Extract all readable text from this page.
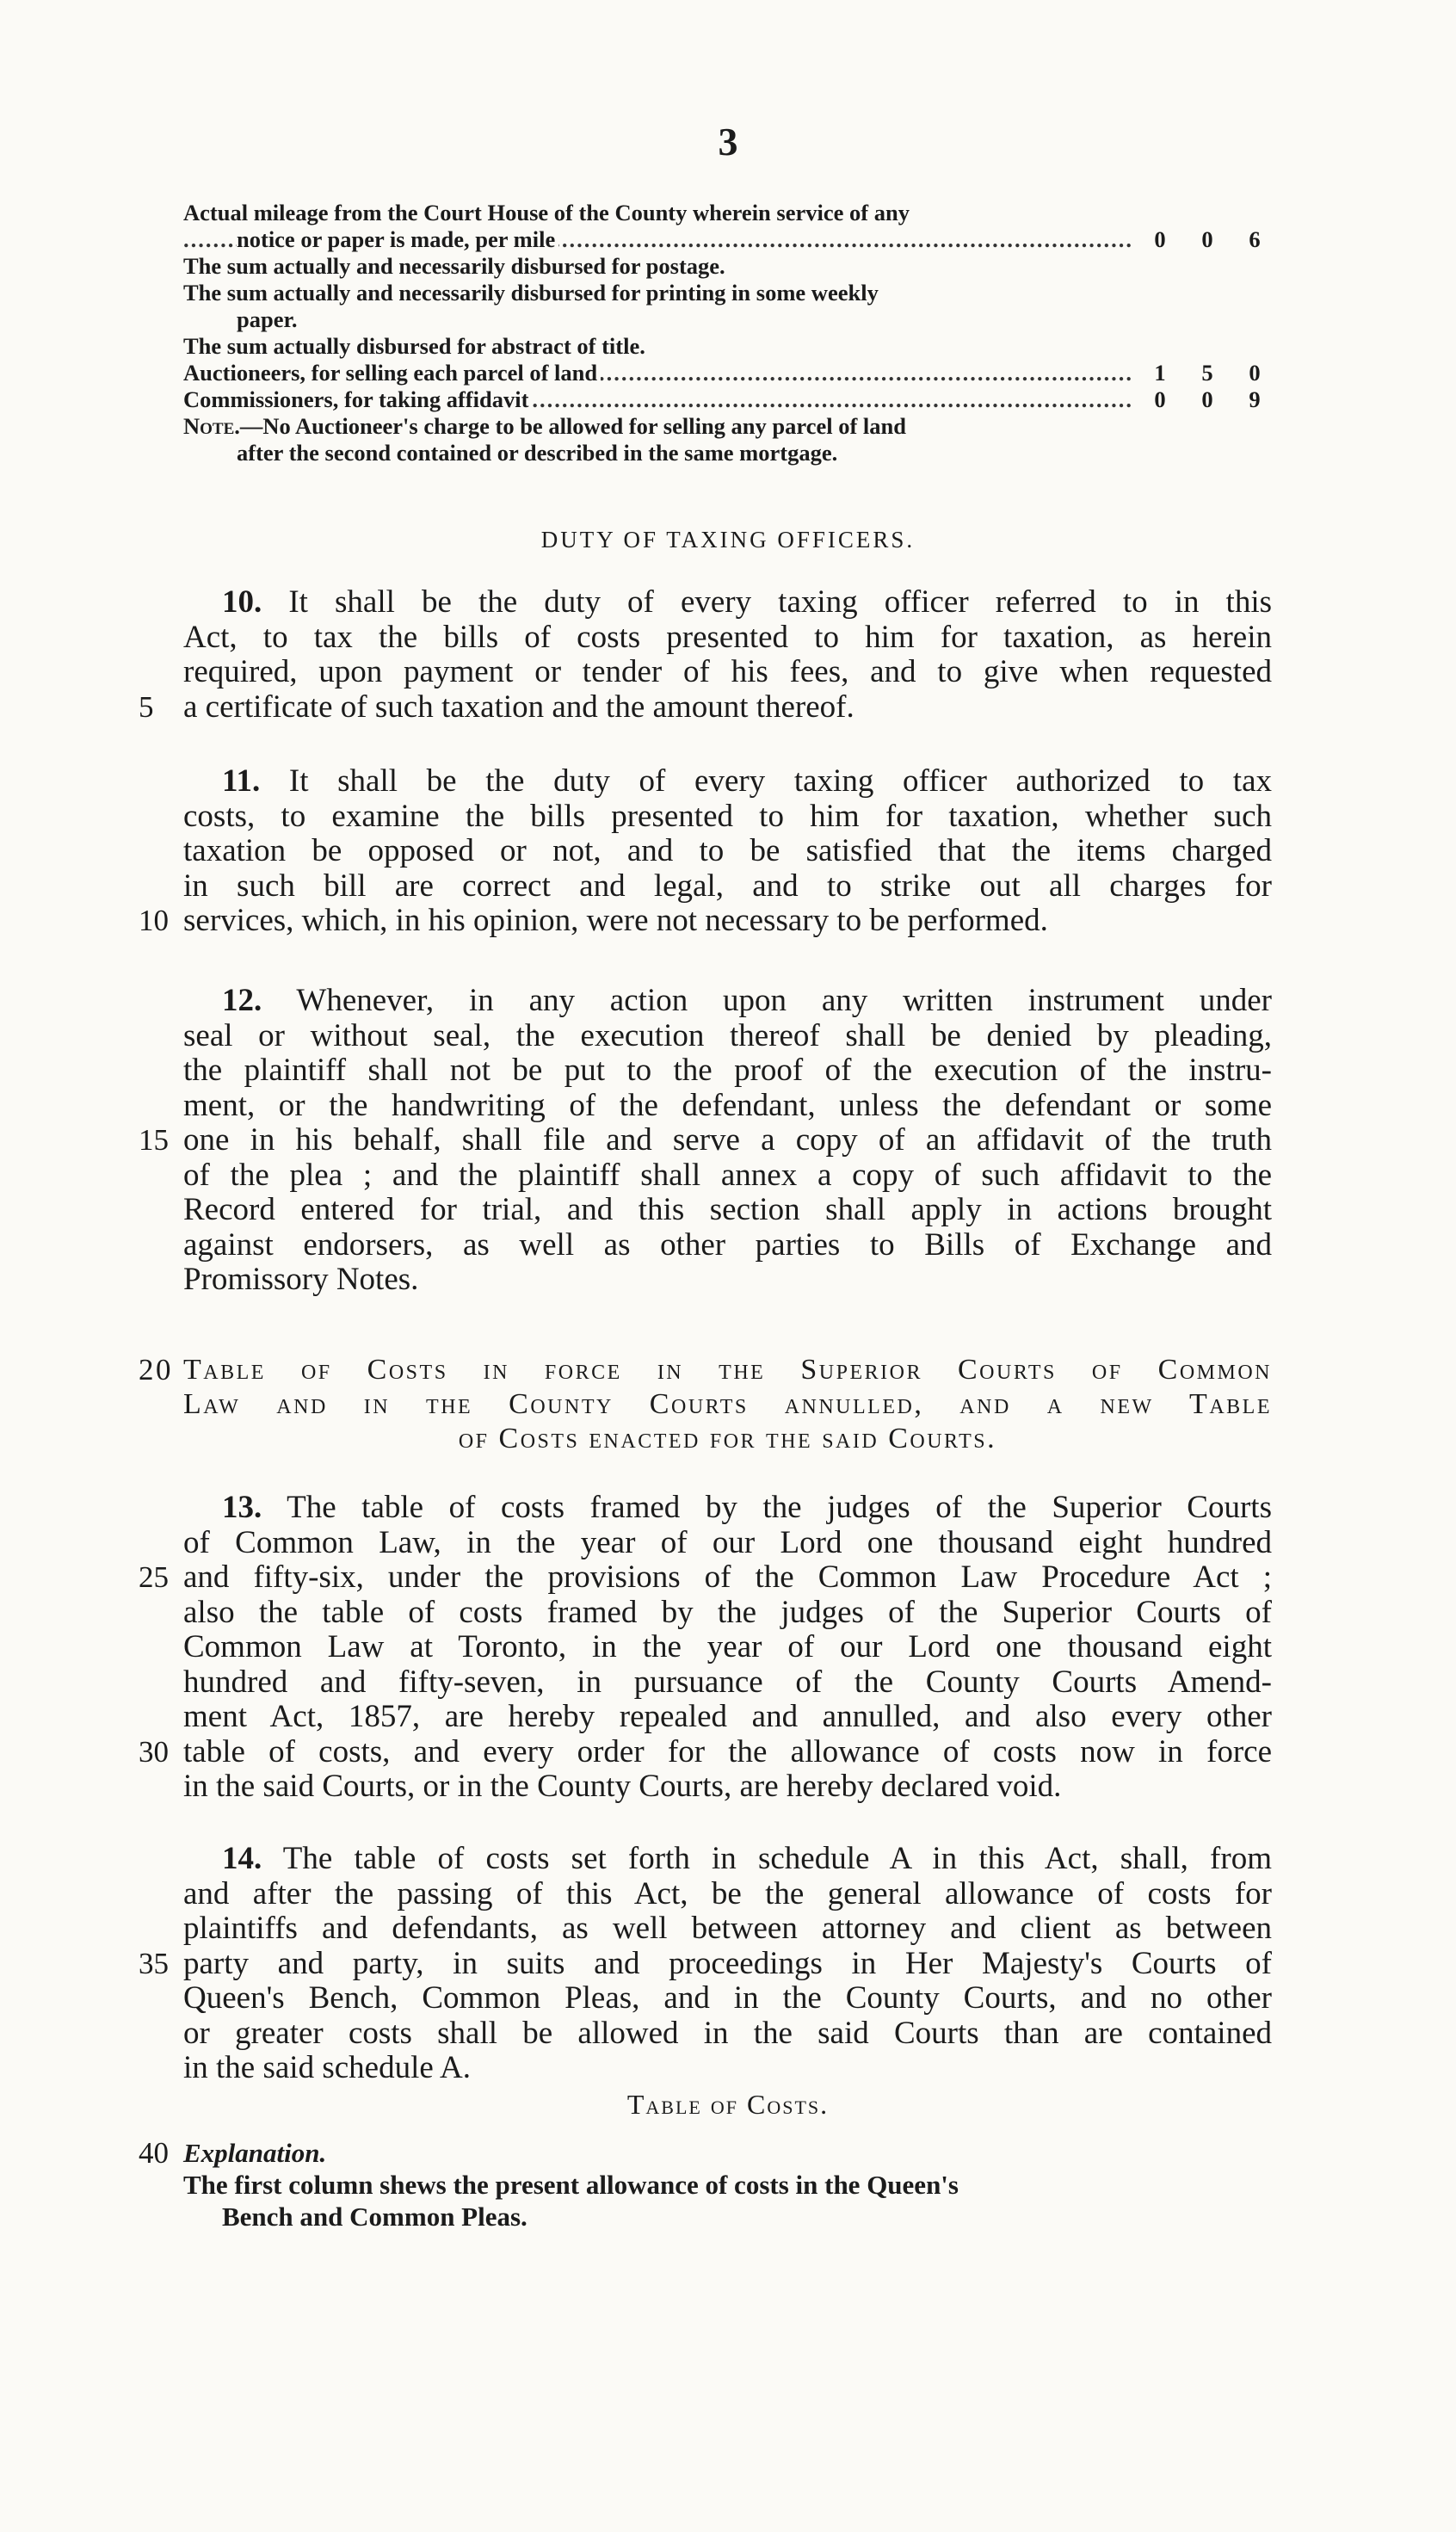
3
Actual mileage from the Court House of the County wherein service of any
notice or paper is made, per mile	0	0	6
.....
The sum actually and necessarily disbursed for postage.
The sum actually and necessarily disbursed for printing in some weekly
paper.
The sum actually disbursed for abstract of title.
Auctioneers, for selling each parcel of land	1	5	0
.....
Commissioners, for taking affidavit	0	0	9
.....
Note.—No Auctioneer's charge to be allowed for selling any parcel of land
after the second contained or described in the same mortgage.
DUTY OF TAXING OFFICERS.
10. It shall be the duty of every taxing officer referred to in this
Act, to tax the bills of costs presented to him for taxation, as herein
required, upon payment or tender of his fees, and to give when requested
5 a certificate of such taxation and the amount thereof.
11. It shall be the duty of every taxing officer authorized to tax
costs, to examine the bills presented to him for taxation, whether such
taxation be opposed or not, and to be satisfied that the items charged
in such bill are correct and legal, and to strike out all charges for
10 services, which, in his opinion, were not necessary to be performed.
12. Whenever, in any action upon any written instrument under
seal or without seal, the execution thereof shall be denied by pleading,
the plaintiff shall not be put to the proof of the execution of the instru-
ment, or the handwriting of the defendant, unless the defendant or some
15 one in his behalf, shall file and serve a copy of an affidavit of the truth
of the plea ; and the plaintiff shall annex a copy of such affidavit to the
Record entered for trial, and this section shall apply in actions brought
against endorsers, as well as other parties to Bills of Exchange and
Promissory Notes.
20 Table of Costs in force in the Superior Courts of Common
Law and in the County Courts annulled, and a new Table
of Costs enacted for the said Courts.
13. The table of costs framed by the judges of the Superior Courts
of Common Law, in the year of our Lord one thousand eight hundred
25 and fifty-six, under the provisions of the Common Law Procedure Act ;
also the table of costs framed by the judges of the Superior Courts of
Common Law at Toronto, in the year of our Lord one thousand eight
hundred and fifty-seven, in pursuance of the County Courts Amend-
ment Act, 1857, are hereby repealed and annulled, and also every other
30 table of costs, and every order for the allowance of costs now in force
in the said Courts, or in the County Courts, are hereby declared void.
14. The table of costs set forth in schedule A in this Act, shall, from
and after the passing of this Act, be the general allowance of costs for
plaintiffs and defendants, as well between attorney and client as between
35 party and party, in suits and proceedings in Her Majesty's Courts of
Queen's Bench, Common Pleas, and in the County Courts, and no other
or greater costs shall be allowed in the said Courts than are contained
in the said schedule A.
Table of Costs.
40 Explanation.
The first column shews the present allowance of costs in the Queen's
Bench and Common Pleas.
